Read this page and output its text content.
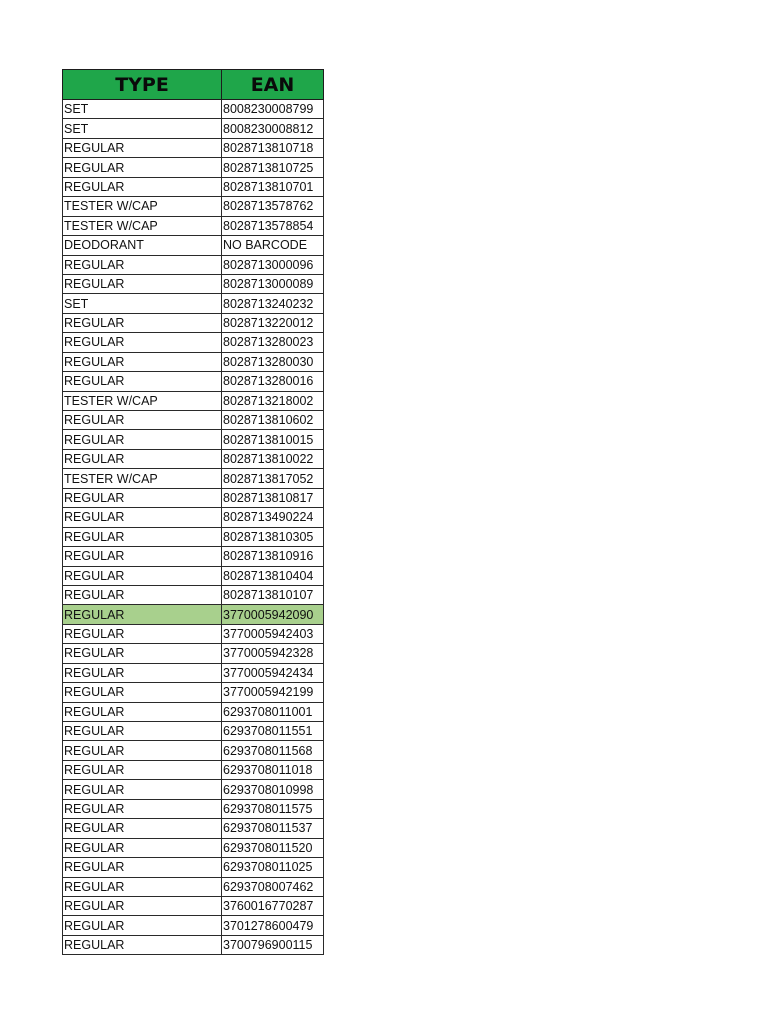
TYPE	EAN
SET	8008230008799
SET	8008230008812
REGULAR	8028713810718
REGULAR	8028713810725
REGULAR	8028713810701
TESTER W/CAP	8028713578762
TESTER W/CAP	8028713578854
DEODORANT	NO BARCODE
REGULAR	8028713000096
REGULAR	8028713000089
SET	8028713240232
REGULAR	8028713220012
REGULAR	8028713280023
REGULAR	8028713280030
REGULAR	8028713280016
TESTER W/CAP	8028713218002
REGULAR	8028713810602
REGULAR	8028713810015
REGULAR	8028713810022
TESTER W/CAP	8028713817052
REGULAR	8028713810817
REGULAR	8028713490224
REGULAR	8028713810305
REGULAR	8028713810916
REGULAR	8028713810404
REGULAR	8028713810107
REGULAR	3770005942090
REGULAR	3770005942403
REGULAR	3770005942328
REGULAR	3770005942434
REGULAR	3770005942199
REGULAR	6293708011001
REGULAR	6293708011551
REGULAR	6293708011568
REGULAR	6293708011018
REGULAR	6293708010998
REGULAR	6293708011575
REGULAR	6293708011537
REGULAR	6293708011520
REGULAR	6293708011025
REGULAR	6293708007462
REGULAR	3760016770287
REGULAR	3701278600479
REGULAR	3700796900115
